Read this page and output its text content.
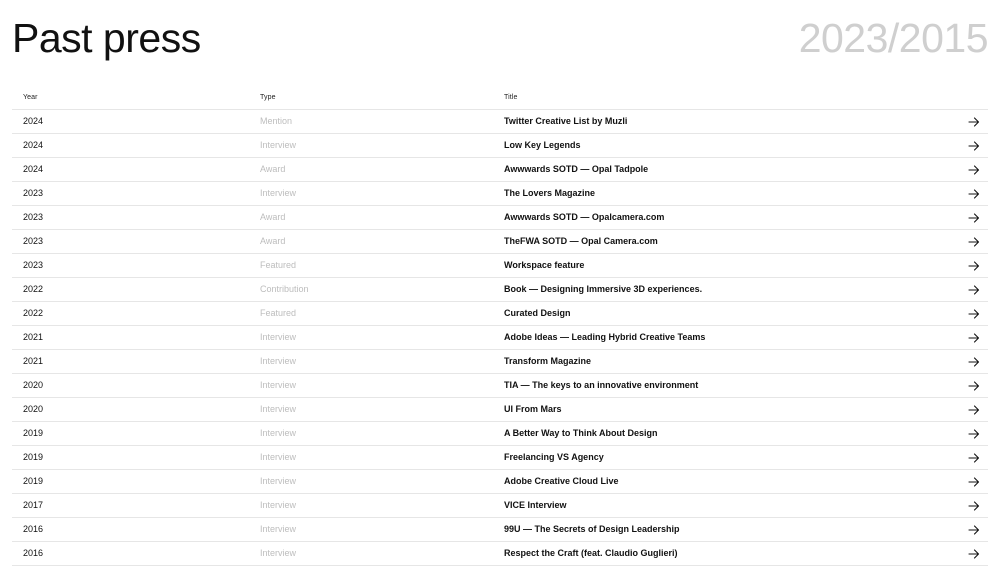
Past press	2023/2015
Year	Type	Title
2024	Mention	Twitter Creative List by Muzli
2024	Interview	Low Key Legends
2024	Award	Awwwards SOTD — Opal Tadpole
2023	Interview	The Lovers Magazine
2023	Award	Awwwards SOTD — Opalcamera.com
2023	Award	TheFWA SOTD — Opal Camera.com
2023	Featured	Workspace feature
2022	Contribution	Book — Designing Immersive 3D experiences.
2022	Featured	Curated Design
2021	Interview	Adobe Ideas — Leading Hybrid Creative Teams
2021	Interview	Transform Magazine
2020	Interview	TIA — The keys to an innovative environment
2020	Interview	UI From Mars
2019	Interview	A Better Way to Think About Design
2019	Interview	Freelancing VS Agency
2019	Interview	Adobe Creative Cloud Live
2017	Interview	VICE Interview
2016	Interview	99U — The Secrets of Design Leadership
2016	Interview	Respect the Craft (feat. Claudio Guglieri)
